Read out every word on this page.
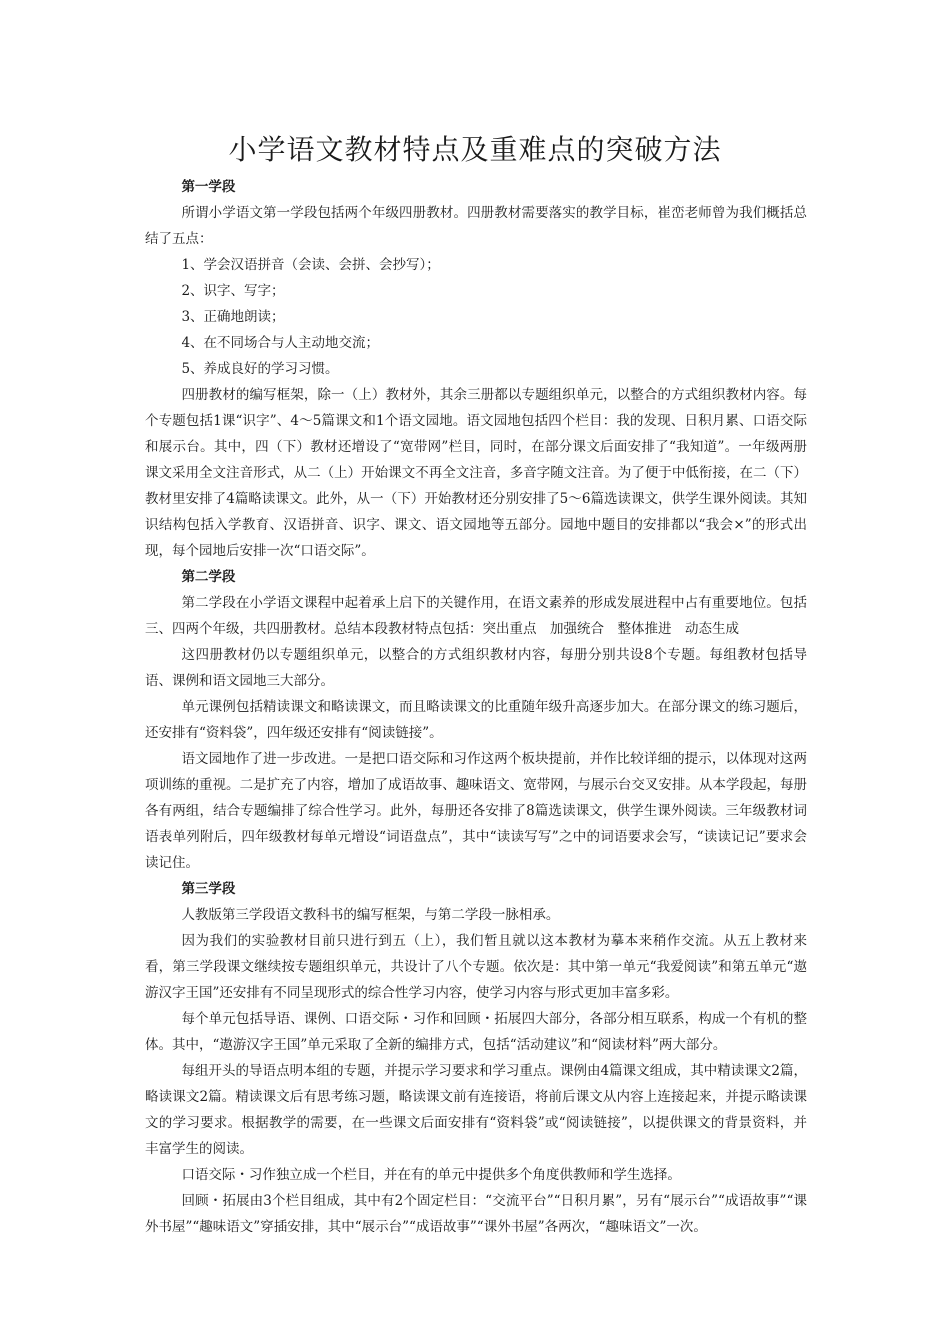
小学语文教材特点及重难点的突破方法

第一学段

所谓小学语文第一学段包括两个年级四册教材。四册教材需要落实的教学目标，崔峦老师曾为我们概括总结了五点：

1、学会汉语拼音（会读、会拼、会抄写）；

2、识字、写字；

3、正确地朗读；

4、在不同场合与人主动地交流；

5、养成良好的学习习惯。

四册教材的编写框架，除一（上）教材外，其余三册都以专题组织单元，以整合的方式组织教材内容。每个专题包括1课“识字”、4～5篇课文和1个语文园地。语文园地包括四个栏目：我的发现、日积月累、口语交际和展示台。其中，四（下）教材还增设了“宽带网”栏目，同时，在部分课文后面安排了“我知道”。一年级两册课文采用全文注音形式，从二（上）开始课文不再全文注音，多音字随文注音。为了便于中低衔接，在二（下）教材里安排了4篇略读课文。此外，从一（下）开始教材还分别安排了5～6篇选读课文，供学生课外阅读。其知识结构包括入学教育、汉语拼音、识字、课文、语文园地等五部分。园地中题目的安排都以“我会×”的形式出现，每个园地后安排一次“口语交际”。

第二学段

第二学段在小学语文课程中起着承上启下的关键作用，在语文素养的形成发展进程中占有重要地位。包括三、四两个年级，共四册教材。总结本段教材特点包括：突出重点　加强统合　整体推进　动态生成

这四册教材仍以专题组织单元，以整合的方式组织教材内容，每册分别共设8个专题。每组教材包括导语、课例和语文园地三大部分。

单元课例包括精读课文和略读课文，而且略读课文的比重随年级升高逐步加大。在部分课文的练习题后，还安排有“资料袋”，四年级还安排有“阅读链接”。

语文园地作了进一步改进。一是把口语交际和习作这两个板块提前，并作比较详细的提示，以体现对这两项训练的重视。二是扩充了内容，增加了成语故事、趣味语文、宽带网，与展示台交叉安排。从本学段起，每册各有两组，结合专题编排了综合性学习。此外，每册还各安排了8篇选读课文，供学生课外阅读。三年级教材词语表单列附后，四年级教材每单元增设“词语盘点”，其中“读读写写”之中的词语要求会写，“读读记记”要求会读记住。

第三学段

人教版第三学段语文教科书的编写框架，与第二学段一脉相承。

因为我们的实验教材目前只进行到五（上），我们暂且就以这本教材为摹本来稍作交流。从五上教材来看，第三学段课文继续按专题组织单元，共设计了八个专题。依次是：其中第一单元“我爱阅读”和第五单元“遨游汉字王国”还安排有不同呈现形式的综合性学习内容，使学习内容与形式更加丰富多彩。

每个单元包括导语、课例、口语交际・习作和回顾・拓展四大部分，各部分相互联系，构成一个有机的整体。其中，“遨游汉字王国”单元采取了全新的编排方式，包括“活动建议”和“阅读材料”两大部分。

每组开头的导语点明本组的专题，并提示学习要求和学习重点。课例由4篇课文组成，其中精读课文2篇，略读课文2篇。精读课文后有思考练习题，略读课文前有连接语，将前后课文从内容上连接起来，并提示略读课文的学习要求。根据教学的需要，在一些课文后面安排有“资料袋”或“阅读链接”，以提供课文的背景资料，并丰富学生的阅读。

口语交际・习作独立成一个栏目，并在有的单元中提供多个角度供教师和学生选择。

回顾・拓展由3个栏目组成，其中有2个固定栏目：“交流平台”“日积月累”，另有“展示台”“成语故事”“课外书屋”“趣味语文”穿插安排，其中“展示台”“成语故事”“课外书屋”各两次，“趣味语文”一次。
